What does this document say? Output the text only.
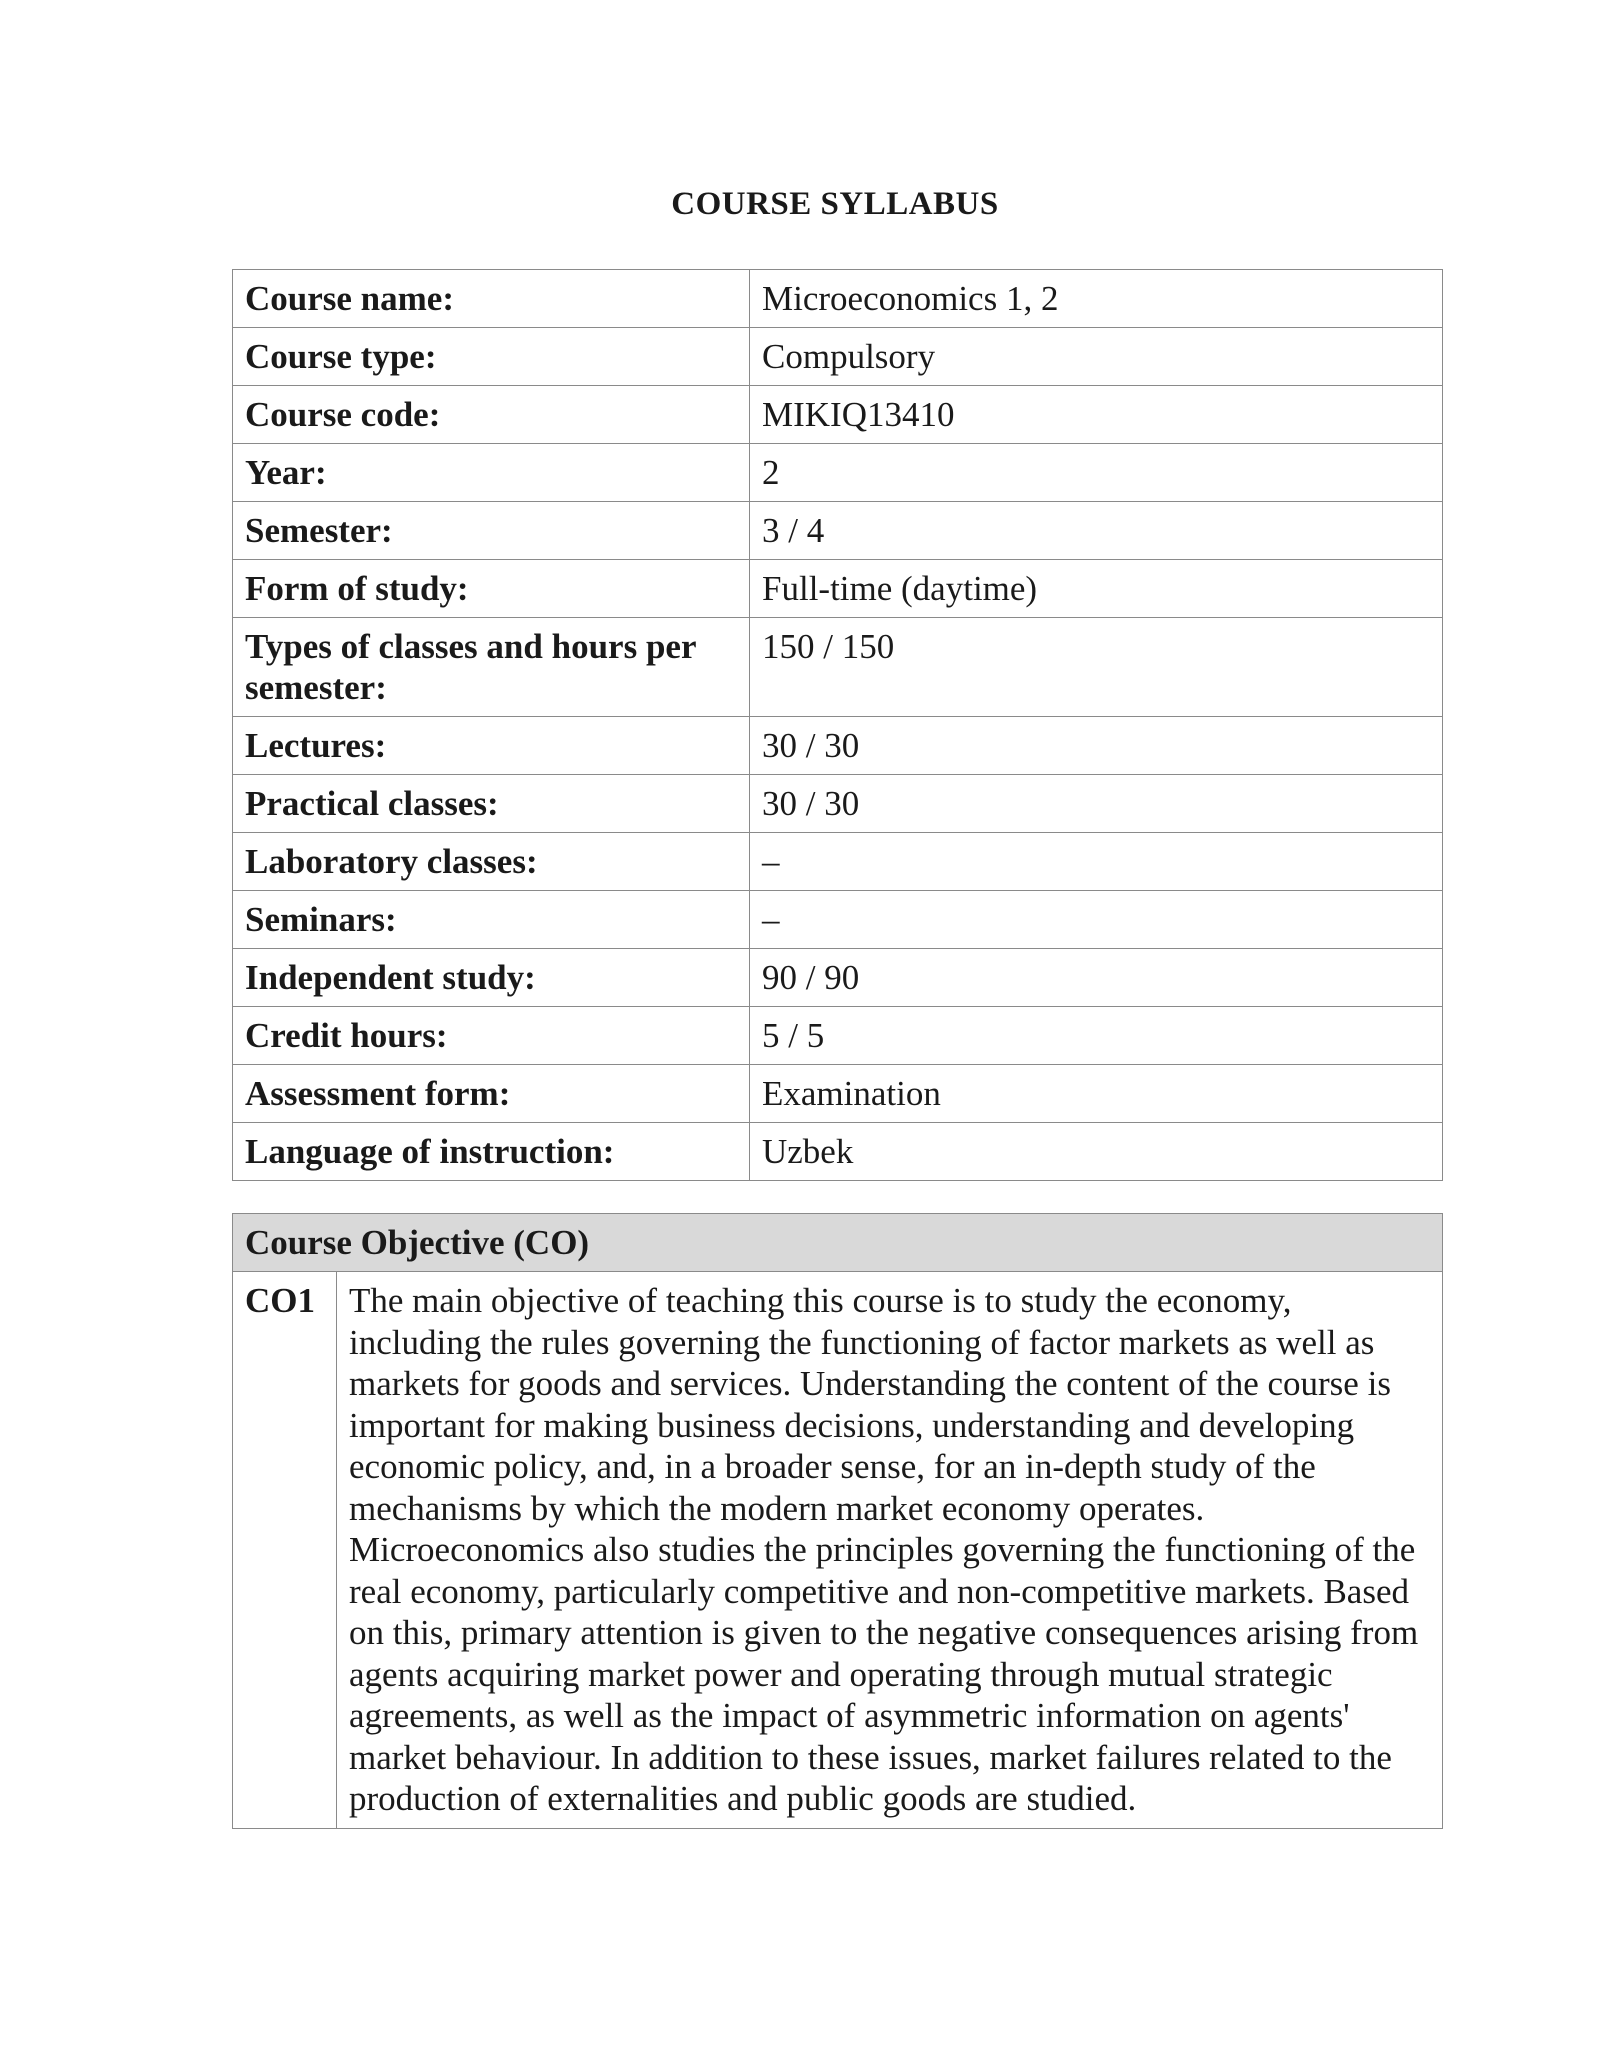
COURSE SYLLABUS
Course name:	Microeconomics 1, 2
Course type:	Compulsory
Course code:	MIKIQ13410
Year:	2
Semester:	3 / 4
Form of study:	Full-time (daytime)
Types of classes and hours per semester:	150 / 150
Lectures:	30 / 30
Practical classes:	30 / 30
Laboratory classes:	–
Seminars:	–
Independent study:	90 / 90
Credit hours:	5 / 5
Assessment form:	Examination
Language of instruction:	Uzbek
Course Objective (CO)
CO1	The main objective of teaching this course is to study the economy, including the rules governing the functioning of factor markets as well as markets for goods and services. Understanding the content of the course is important for making business decisions, understanding and developing economic policy, and, in a broader sense, for an in-depth study of the mechanisms by which the modern market economy operates. Microeconomics also studies the principles governing the functioning of the real economy, particularly competitive and non-competitive markets. Based on this, primary attention is given to the negative consequences arising from agents acquiring market power and operating through mutual strategic agreements, as well as the impact of asymmetric information on agents' market behaviour. In addition to these issues, market failures related to the production of externalities and public goods are studied.
